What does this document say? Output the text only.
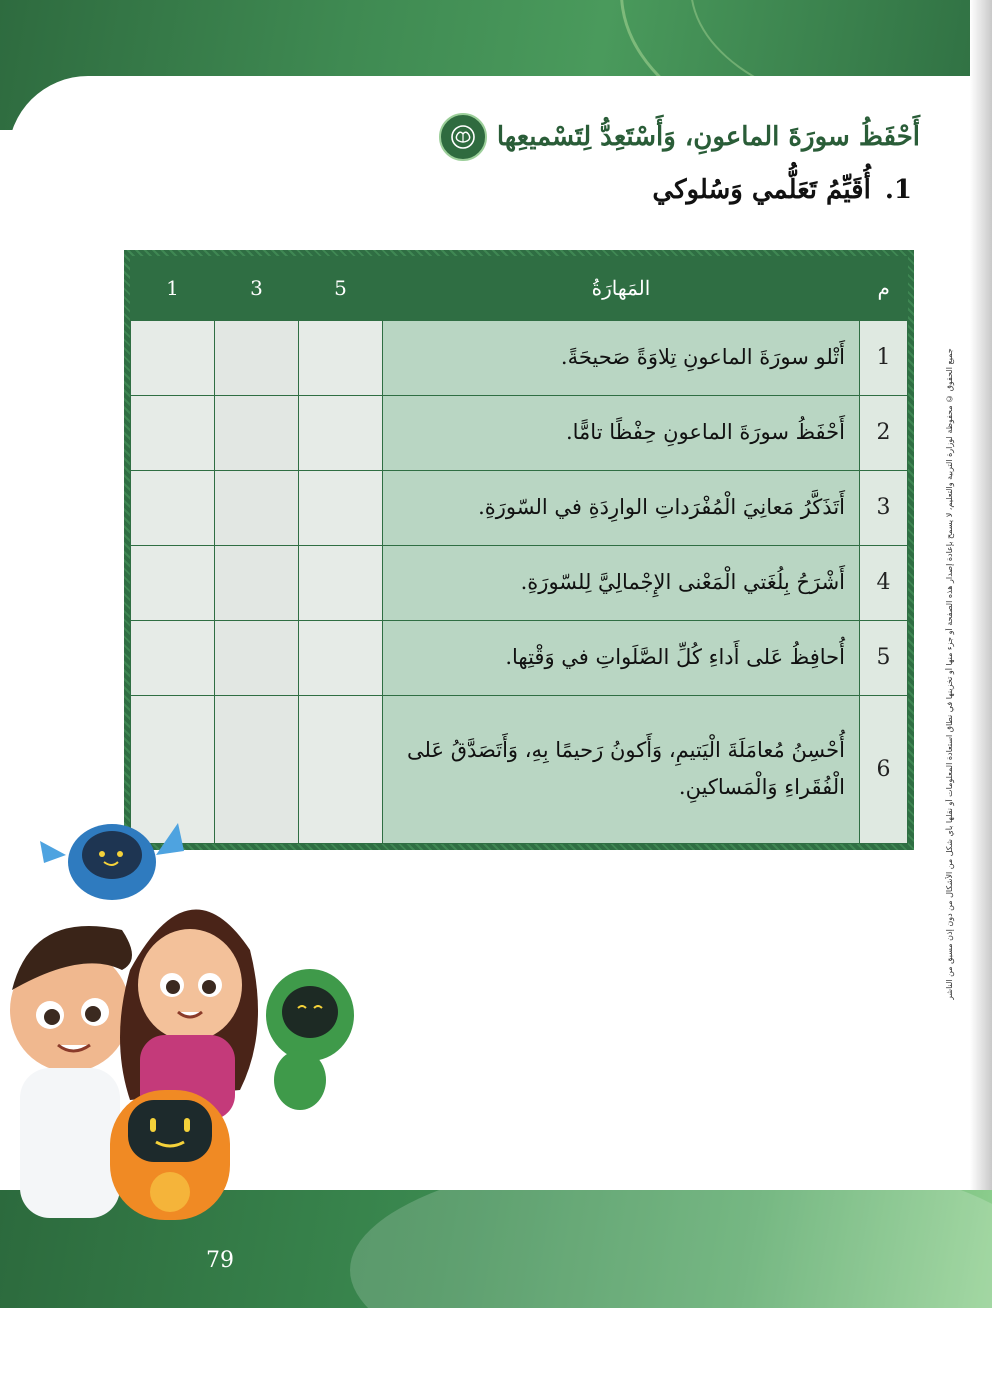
جميع الحقوق © محفوظة لوزارة التربية والتعليم، لا يسمح بإعادة إصدار هذه الصفحة أو جزء منها أو تخزينها في نطاق استعادة المعلومات أو نقلها بأي شكل من الأشكال من دون إذن مسبق من الناشر
أَحْفَظُ سورَةَ الماعونِ، وَأَسْتَعِدُّ لِتَسْميعِها
1.
أُقَيِّمُ تَعَلُّمي وَسُلوكي
م	المَهارَةُ	5	3	1
1	أَتْلو سورَةَ الماعونِ تِلاوَةً صَحيحَةً.			
2	أَحْفَظُ سورَةَ الماعونِ حِفْظًا تامًّا.			
3	أَتَذَكَّرُ مَعانِيَ الْمُفْرَداتِ الوارِدَةِ في السّورَةِ.			
4	أَشْرَحُ بِلُغَتي الْمَعْنى الإِجْمالِيَّ لِلسّورَةِ.			
5	أُحافِظُ عَلى أَداءِ كُلِّ الصَّلَواتِ في وَقْتِها.			
6	أُحْسِنُ مُعامَلَةَ الْيَتيمِ، وَأَكونُ رَحيمًا بِهِ، وَأَتَصَدَّقُ عَلى الْفُقَراءِ وَالْمَساكينِ.			
79
